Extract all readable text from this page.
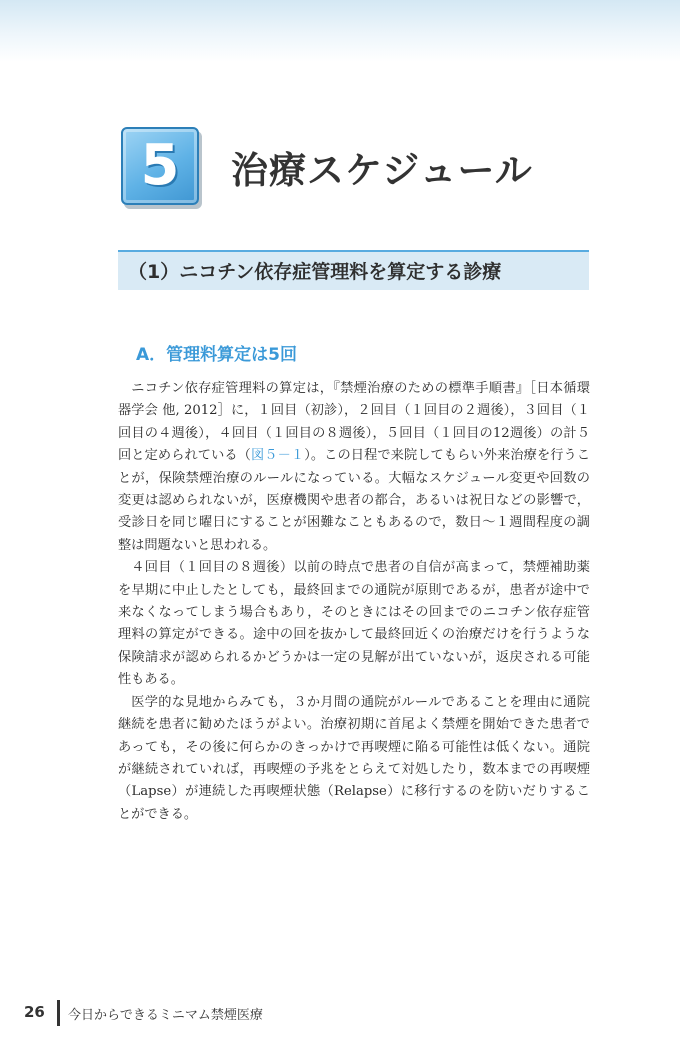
5	治療スケジュール
（1）ニコチン依存症管理料を算定する診療
A．管理料算定は5回

ニコチン依存症管理料の算定は，『禁煙治療のための標準手順書』［日本循環器学会 他, 2012］に，１回目（初診），２回目（１回目の２週後），３回目（１回目の４週後），４回目（１回目の８週後），５回目（１回目の12週後）の計５回と定められている（図５－１）。この日程で来院してもらい外来治療を行うことが，保険禁煙治療のルールになっている。大幅なスケジュール変更や回数の変更は認められないが，医療機関や患者の都合，あるいは祝日などの影響で，受診日を同じ曜日にすることが困難なこともあるので，数日～１週間程度の調整は問題ないと思われる。

４回目（１回目の８週後）以前の時点で患者の自信が高まって，禁煙補助薬を早期に中止したとしても，最終回までの通院が原則であるが，患者が途中で来なくなってしまう場合もあり，そのときにはその回までのニコチン依存症管理料の算定ができる。途中の回を抜かして最終回近くの治療だけを行うような保険請求が認められるかどうかは一定の見解が出ていないが，返戻される可能性もある。

医学的な見地からみても，３か月間の通院がルールであることを理由に通院継続を患者に勧めたほうがよい。治療初期に首尾よく禁煙を開始できた患者であっても，その後に何らかのきっかけで再喫煙に陥る可能性は低くない。通院が継続されていれば，再喫煙の予兆をとらえて対処したり，数本までの再喫煙（Lapse）が連続した再喫煙状態（Relapse）に移行するのを防いだりすることができる。

26 今日からできるミニマム禁煙医療
